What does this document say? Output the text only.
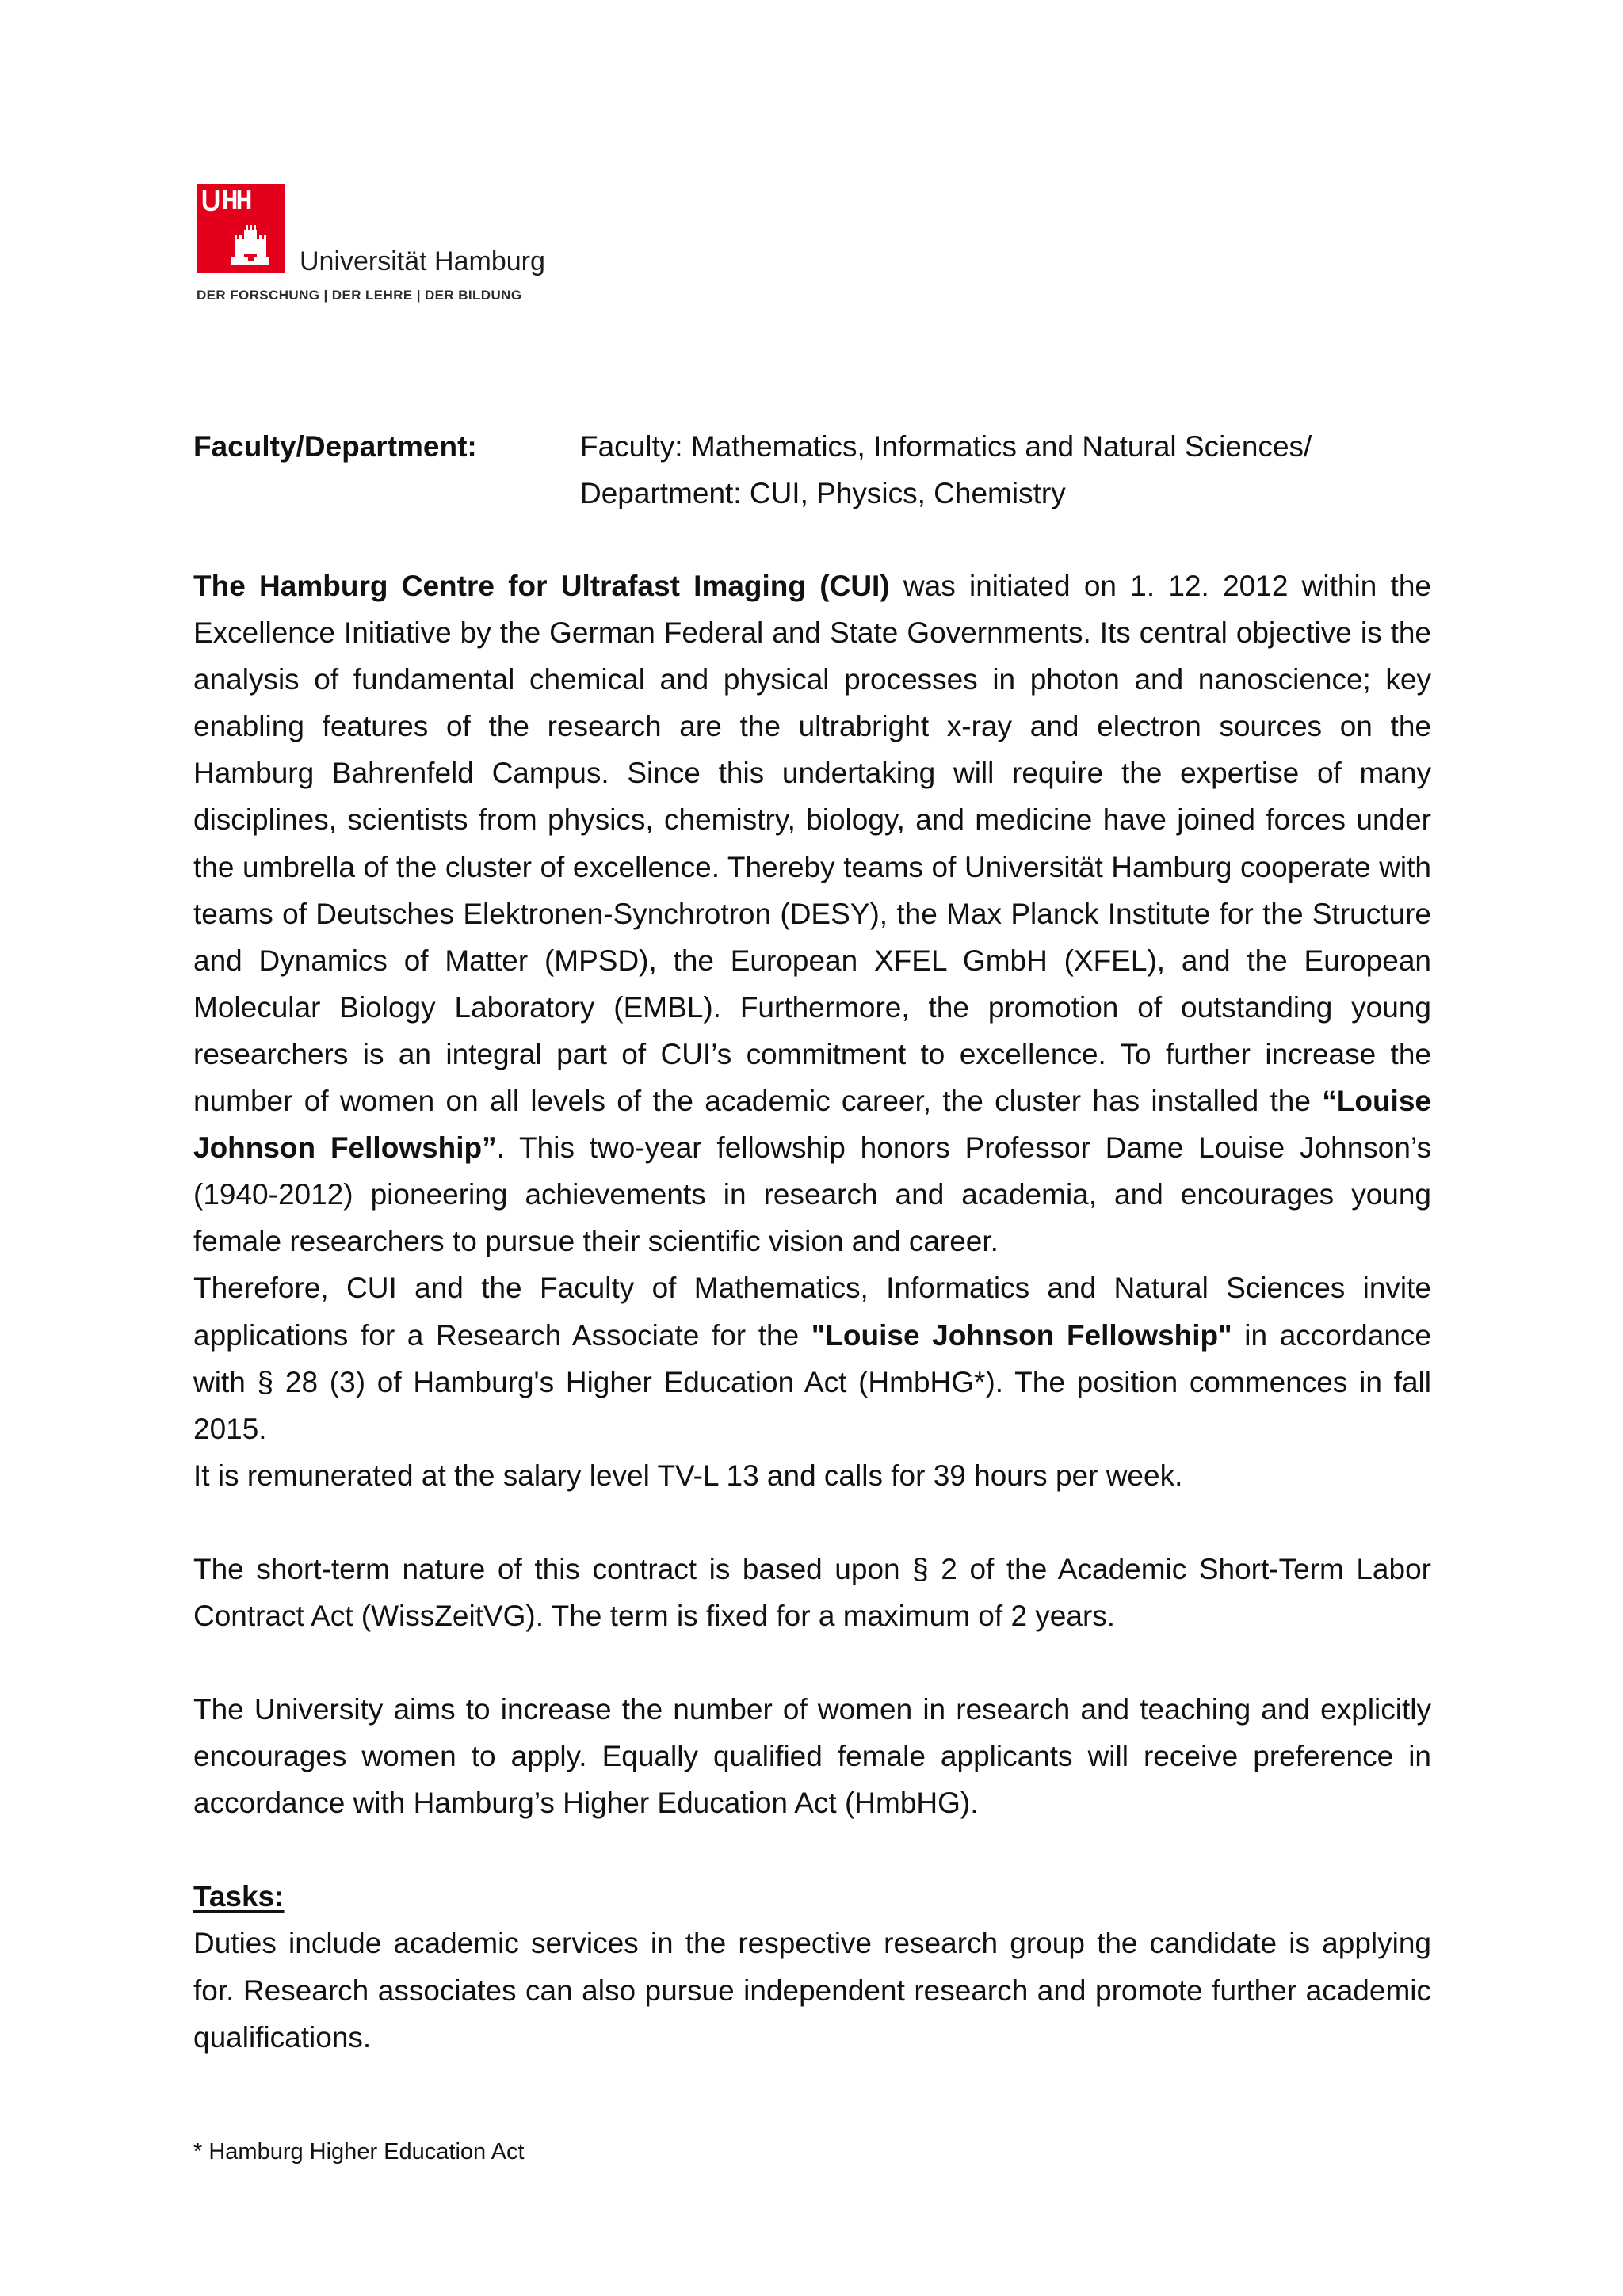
Universität Hamburg
DER FORSCHUNG | DER LEHRE | DER BILDUNG
Faculty/Department:	Faculty: Mathematics, Informatics and Natural Sciences/
Department: CUI, Physics, Chemistry

The Hamburg Centre for Ultrafast Imaging (CUI) was initiated on 1. 12. 2012 within the Excellence Initiative by the German Federal and State Governments. Its central objective is the analysis of fundamental chemical and physical processes in photon and nanoscience; key enabling features of the research are the ultrabright x-ray and electron sources on the Hamburg Bahrenfeld Campus. Since this undertaking will require the expertise of many disciplines, scientists from physics, chemistry, biology, and medicine have joined forces under the umbrella of the cluster of excellence. Thereby teams of Universität Hamburg cooperate with teams of Deutsches Elektronen-Synchrotron (DESY), the Max Planck Institute for the Structure and Dynamics of Matter (MPSD), the European XFEL GmbH (XFEL), and the European Molecular Biology Laboratory (EMBL). Furthermore, the promotion of outstanding young researchers is an integral part of CUI’s commitment to excellence. To further increase the number of women on all levels of the academic career, the cluster has installed the “Louise Johnson Fellowship”. This two-year fellowship honors Professor Dame Louise Johnson’s (1940-2012) pioneering achievements in research and academia, and encourages young female researchers to pursue their scientific vision and career.

Therefore, CUI and the Faculty of Mathematics, Informatics and Natural Sciences invite applications for a Research Associate for the "Louise Johnson Fellowship" in accordance with § 28 (3) of Hamburg's Higher Education Act (HmbHG*). The position commences in fall 2015.

It is remunerated at the salary level TV-L 13 and calls for 39 hours per week.

The short-term nature of this contract is based upon § 2 of the Academic Short-Term Labor Contract Act (WissZeitVG). The term is fixed for a maximum of 2 years.

The University aims to increase the number of women in research and teaching and explicitly encourages women to apply. Equally qualified female applicants will receive preference in accordance with Hamburg’s Higher Education Act (HmbHG).

Tasks:

Duties include academic services in the respective research group the candidate is applying for. Research associates can also pursue independent research and promote further academic qualifications.

* Hamburg Higher Education Act
